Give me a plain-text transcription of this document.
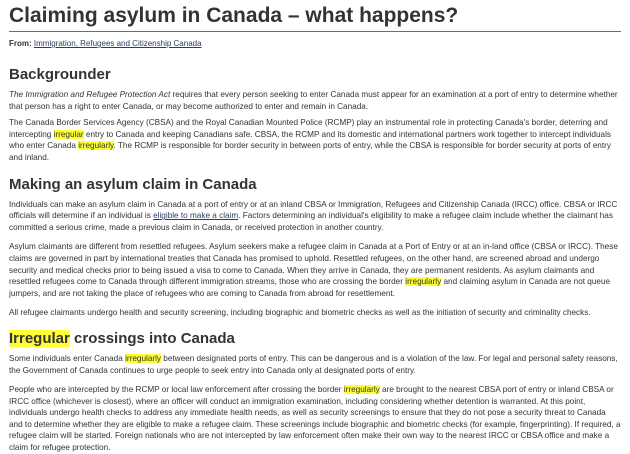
Claiming asylum in Canada – what happens?
From: Immigration, Refugees and Citizenship Canada
Backgrounder

The Immigration and Refugee Protection Act requires that every person seeking to enter Canada must appear for an examination at a port of entry to determine whether that person has a right to enter Canada, or may become authorized to enter and remain in Canada.

The Canada Border Services Agency (CBSA) and the Royal Canadian Mounted Police (RCMP) play an instrumental role in protecting Canada's border, deterring and intercepting irregular entry to Canada and keeping Canadians safe. CBSA, the RCMP and its domestic and international partners work together to intercept individuals who enter Canada irregularly. The RCMP is responsible for border security in between ports of entry, while the CBSA is responsible for border security at ports of entry and inland.

Making an asylum claim in Canada

Individuals can make an asylum claim in Canada at a port of entry or at an inland CBSA or Immigration, Refugees and Citizenship Canada (IRCC) office. CBSA or IRCC officials will determine if an individual is eligible to make a claim. Factors determining an individual's eligibility to make a refugee claim include whether the claimant has committed a serious crime, made a previous claim in Canada, or received protection in another country.

Asylum claimants are different from resettled refugees. Asylum seekers make a refugee claim in Canada at a Port of Entry or at an in-land office (CBSA or IRCC). These claims are governed in part by international treaties that Canada has promised to uphold. Resettled refugees, on the other hand, are screened abroad and undergo security and medical checks prior to being issued a visa to come to Canada. When they arrive in Canada, they are permanent residents. As asylum claimants and resettled refugees come to Canada through different immigration streams, those who are crossing the border irregularly and claiming asylum in Canada are not queue jumpers, and are not taking the place of refugees who are coming to Canada from abroad for resettlement.

All refugee claimants undergo health and security screening, including biographic and biometric checks as well as the initiation of security and criminality checks.

Irregular crossings into Canada

Some individuals enter Canada irregularly between designated ports of entry. This can be dangerous and is a violation of the law. For legal and personal safety reasons, the Government of Canada continues to urge people to seek entry into Canada only at designated ports of entry.

People who are intercepted by the RCMP or local law enforcement after crossing the border irregularly are brought to the nearest CBSA port of entry or inland CBSA or IRCC office (whichever is closest), where an officer will conduct an immigration examination, including considering whether detention is warranted. At this point, individuals undergo health checks to address any immediate health needs, as well as security screenings to ensure that they do not pose a security threat to Canada and to determine whether they are eligible to make a refugee claim. These screenings include biographic and biometric checks (for example, fingerprinting). If required, a refugee claim will be started. Foreign nationals who are not intercepted by law enforcement often make their own way to the nearest IRCC or CBSA office and make a claim for refugee protection.
